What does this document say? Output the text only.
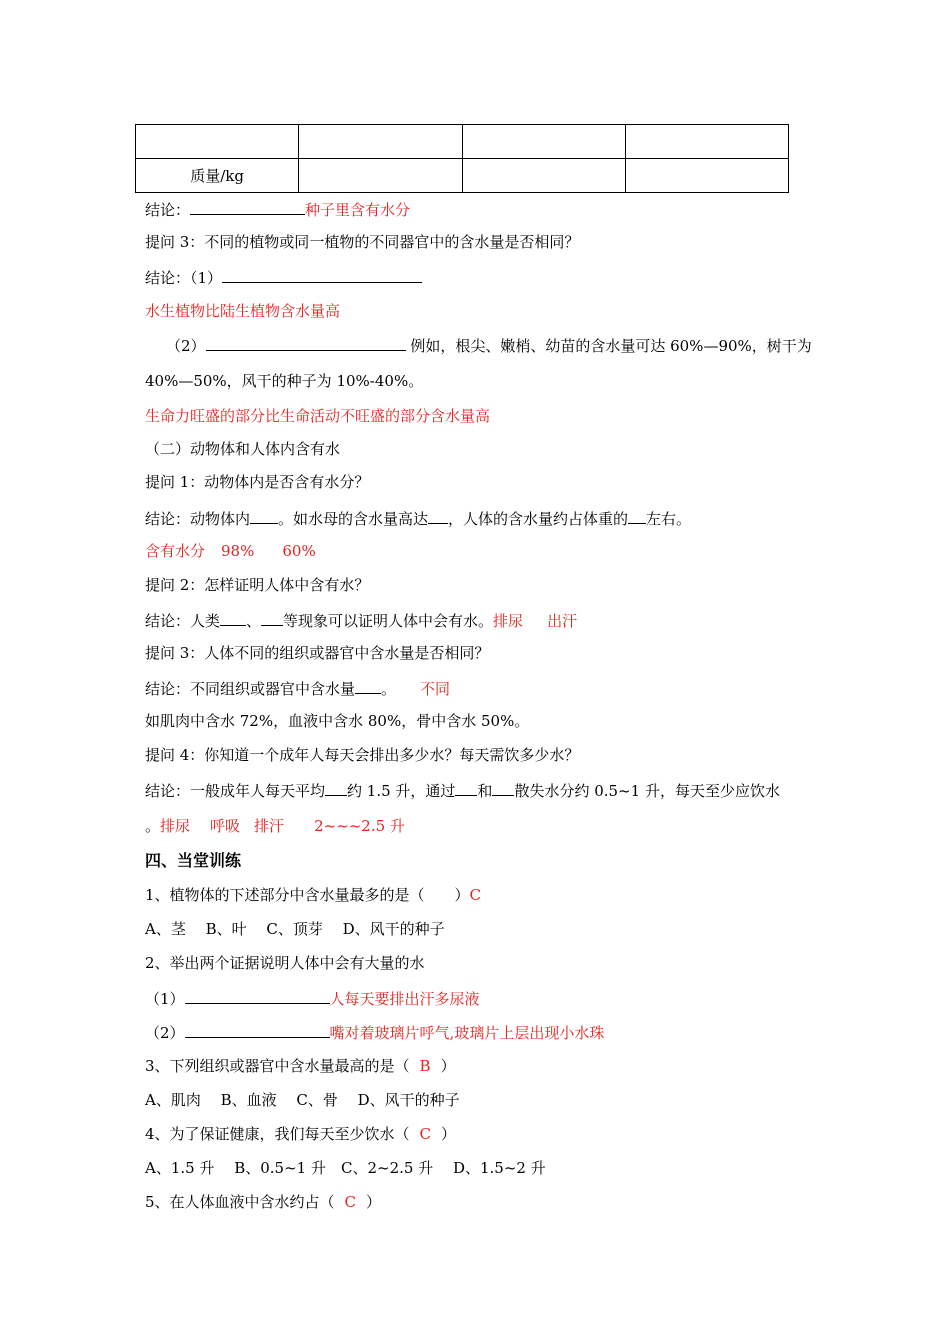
质量/kg			
结论：	种子里含有水分
提问 3：不同的植物或同一植物的不同器官中的含水量是否相同？
结论：（1）
水生植物比陆生植物含水量高
（2）	例如，根尖、嫩梢、幼苗的含水量可达 60%—90%，树干为
40%—50%，风干的种子为 10%-40%。
生命力旺盛的部分比生命活动不旺盛的部分含水量高
（二）动物体和人体内含有水
提问 1：动物体内是否含有水分？
结论：动物体内 。如水母的含水量高达 ，人体的含水量约占体重的 左右。
含有水分 98% 60%
提问 2：怎样证明人体中含有水？
结论：人类 、 等现象可以证明人体中会有水。排尿 出汗
提问 3：人体不同的组织或器官中含水量是否相同？
结论：不同组织或器官中含水量 。 不同
如肌肉中含水 72%，血液中含水 80%，骨中含水 50%。
提问 4：你知道一个成年人每天会排出多少水？每天需饮多少水？
结论：一般成年人每天平均 约 1.5 升，通过 和 散失水分约 0.5~1 升，每天至少应饮水
。排尿 呼吸 排汗 2~~~2.5 升
四、当堂训练
1、植物体的下述部分中含水量最多的是（　　）C
A、茎　 B、叶　 C、顶芽　 D、风干的种子
2、举出两个证据说明人体中会有大量的水
（1）	人每天要排出汗多尿液
（2）	嘴对着玻璃片呼气,玻璃片上层出现小水珠
3、下列组织或器官中含水量最高的是（ B ）
A、肌肉　 B、血液　 C、骨　 D、风干的种子
4、为了保证健康，我们每天至少饮水（ C ）
A、1.5 升　 B、0.5~1 升　C、2~2.5 升　 D、1.5~2 升
5、在人体血液中含水约占（ C ）
